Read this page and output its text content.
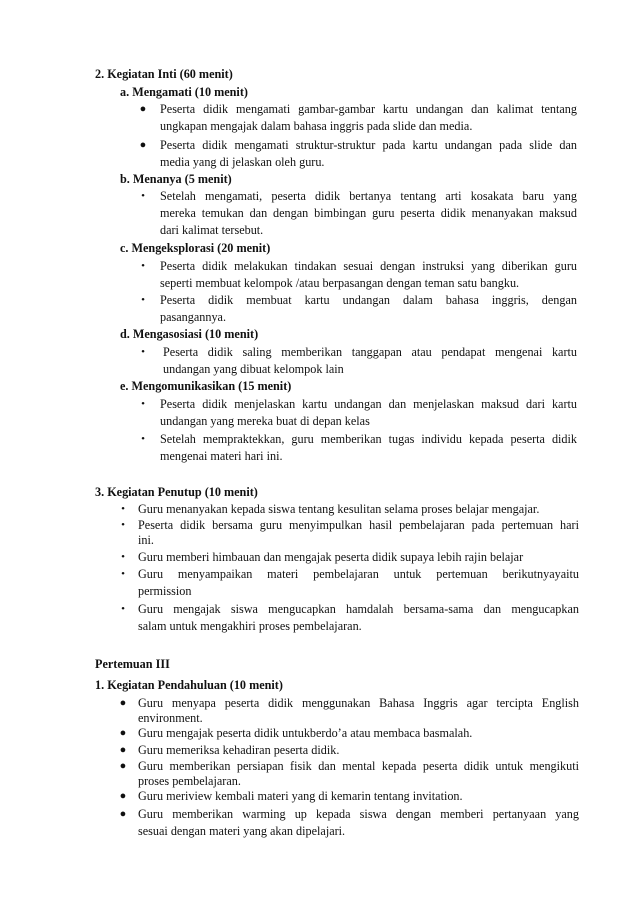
2. Kegiatan Inti (60 menit)
a. Mengamati (10 menit)
● Peserta didik mengamati gambar-gambar kartu undangan dan kalimat tentang
ungkapan mengajak dalam bahasa inggris pada slide dan media.
● Peserta didik mengamati struktur-struktur pada kartu undangan pada slide dan
media yang di jelaskan oleh guru.
b. Menanya (5 menit)
•	Setelah mengamati, peserta didik bertanya tentang arti kosakata baru yang
mereka temukan dan dengan bimbingan guru peserta didik menanyakan maksud
dari kalimat tersebut.
c. Mengeksplorasi (20 menit)
•	Peserta didik melakukan tindakan sesuai dengan instruksi yang diberikan guru
seperti membuat kelompok /atau berpasangan dengan teman satu bangku.
•	Peserta didik membuat kartu undangan dalam bahasa inggris, dengan
pasangannya.
d. Mengasosiasi (10 menit)
•	Peserta didik saling memberikan tanggapan atau pendapat mengenai kartu
undangan yang dibuat kelompok lain
e. Mengomunikasikan (15 menit)
•	Peserta didik menjelaskan kartu undangan dan menjelaskan maksud dari kartu
undangan yang mereka buat di depan kelas
•	Setelah mempraktekkan, guru memberikan tugas individu kepada peserta didik
mengenai materi hari ini.
3. Kegiatan Penutup (10 menit)
•	Guru menanyakan kepada siswa tentang kesulitan selama proses belajar mengajar.
•	Peserta didik bersama guru menyimpulkan hasil pembelajaran pada pertemuan hari
ini.
•	Guru memberi himbauan dan mengajak peserta didik supaya lebih rajin belajar
•	Guru menyampaikan materi pembelajaran untuk pertemuan berikutnyayaitu
permission
•	Guru mengajak siswa mengucapkan hamdalah bersama-sama dan mengucapkan
salam untuk mengakhiri proses pembelajaran.
Pertemuan III
1. Kegiatan Pendahuluan (10 menit)
● Guru menyapa peserta didik menggunakan Bahasa Inggris agar tercipta English
environment.
● Guru mengajak peserta didik untukberdo’a atau membaca basmalah.
● Guru memeriksa kehadiran peserta didik.
● Guru memberikan persiapan fisik dan mental kepada peserta didik untuk mengikuti
proses pembelajaran.
● Guru meriview kembali materi yang di kemarin tentang invitation.
● Guru memberikan warming up kepada siswa dengan memberi pertanyaan yang
sesuai dengan materi yang akan dipelajari.
